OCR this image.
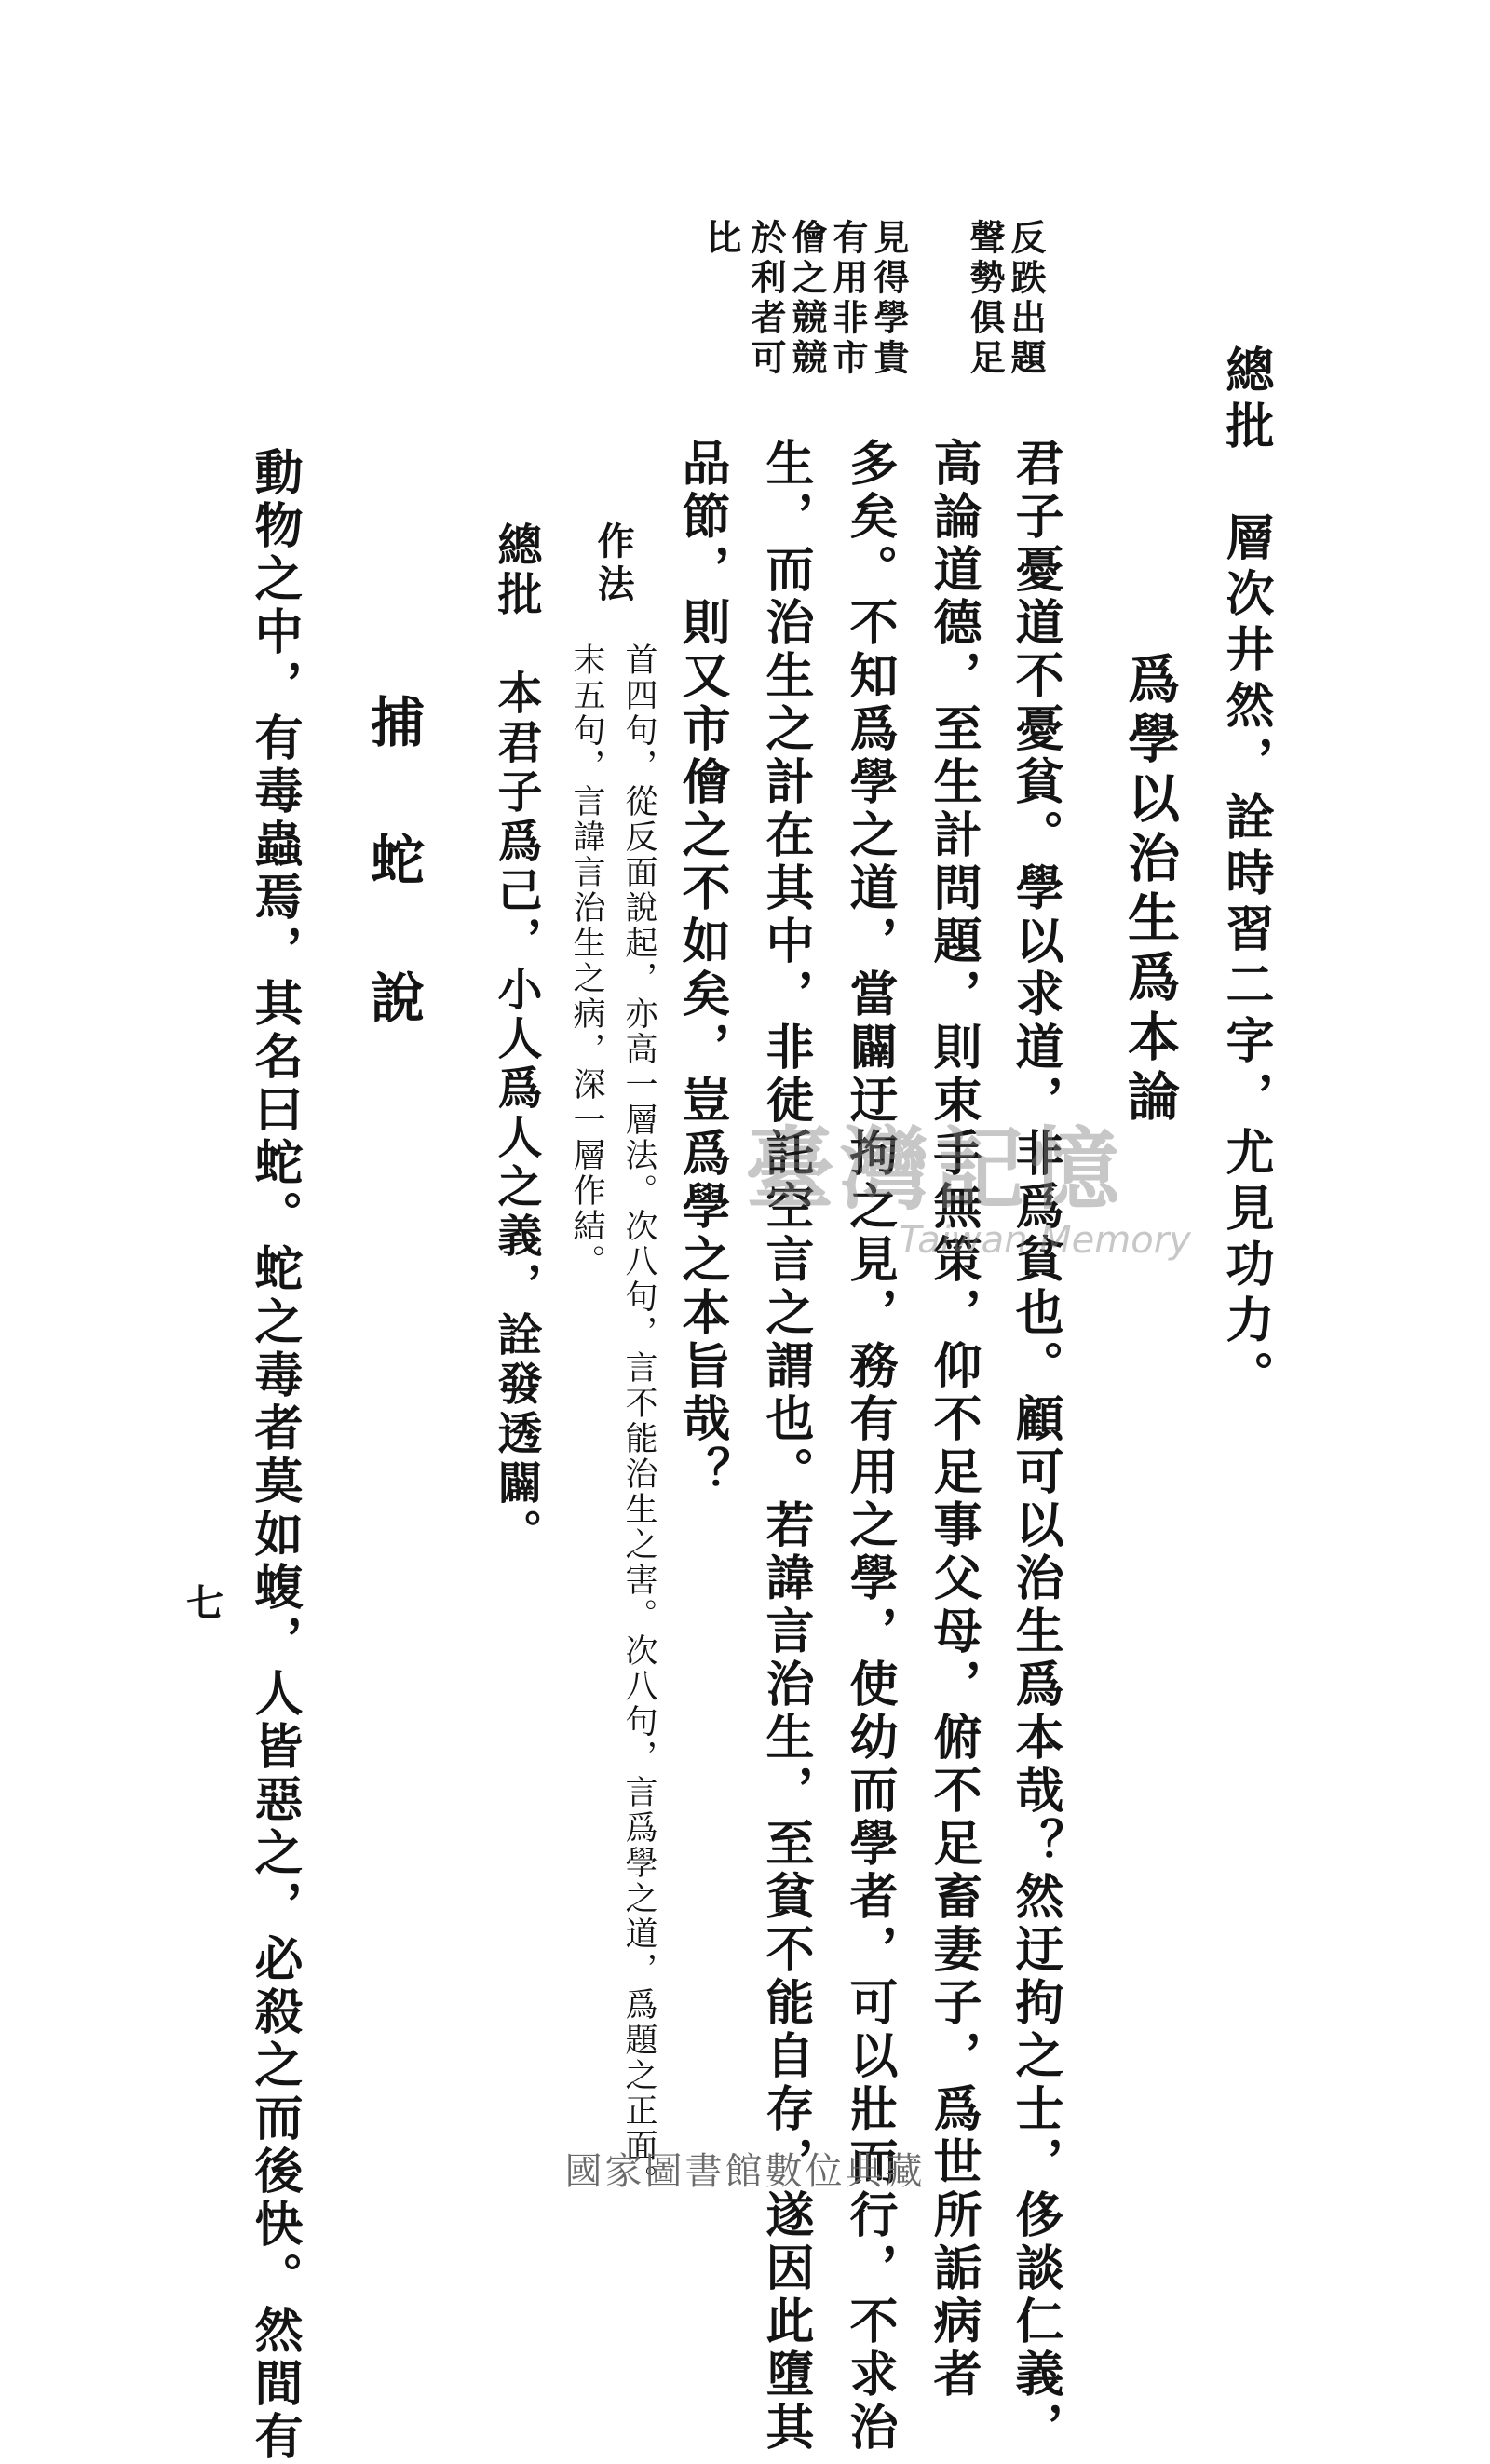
總批　層次井然，詮時習二字，尤見功力。
爲學以治生爲本論
反跌出題
聲勢俱足
見得學貴
有用非市
儈之競競
於利者可
比
君子憂道不憂貧。學以求道，非爲貧也。顧可以治生爲本哉？然迂拘之士，侈談仁義，
高論道德，至生計問題，則束手無策，仰不足事父母，俯不足畜妻子，爲世所詬病者
多矣。不知爲學之道，當闢迂拘之見，務有用之學，使幼而學者，可以壯而行，不求治
生，而治生之計在其中，非徒託空言之謂也。若諱言治生，至貧不能自存，遂因此墮其
品節，則又市儈之不如矣，豈爲學之本旨哉？
作法
首四句，從反面說起，亦高一層法。次八句，言不能治生之害。次八句，言爲學之道，爲題之正面。
末五句，言諱言治生之病，深一層作結。
總批　本君子爲己，小人爲人之義，詮發透闢。
捕蛇說
動物之中，有毒蟲焉，其名曰蛇。蛇之毒者莫如蝮，人皆惡之，必殺之而後快。然間有
七
臺灣記憶
Taiwan Memory
國家圖書館數位典藏
